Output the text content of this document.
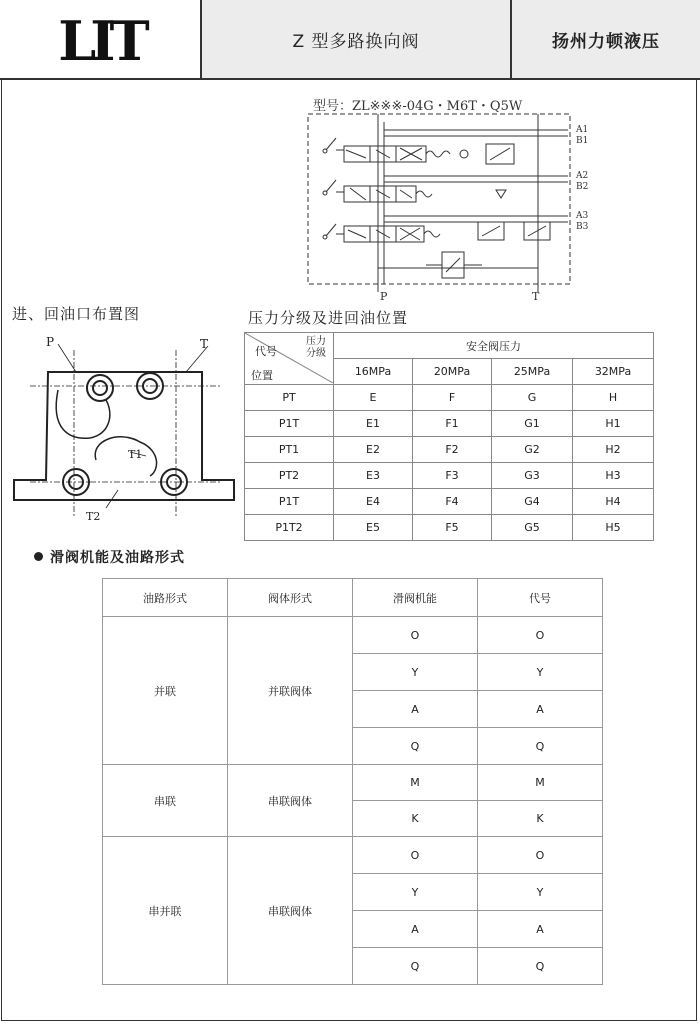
LIT	Z 型多路换向阀	扬州力顿液压
型号：ZL※※※-04G・M6T・Q5W
A1
B1
A2
B2
A3
B3
P	T
进、回油口布置图
P	T
T1
T2
压力分级及进回油位置
代号
压力分级
位置	安全阀压力			
	16MPa	20MPa	25MPa	32MPa
PT	E	F	G	H
P1T	E1	F1	G1	H1
PT1	E2	F2	G2	H2
PT2	E3	F3	G3	H3
P1T	E4	F4	G4	H4
P1T2	E5	F5	G5	H5
滑阀机能及油路形式
油路形式	阀体形式	滑阀机能	代号
并联	并联阀体	O	O
		Y	Y
		A	A
		Q	Q
串联	串联阀体	M	M
		K	K
串并联	串联阀体	O	O
		Y	Y
		A	A
		Q	Q
